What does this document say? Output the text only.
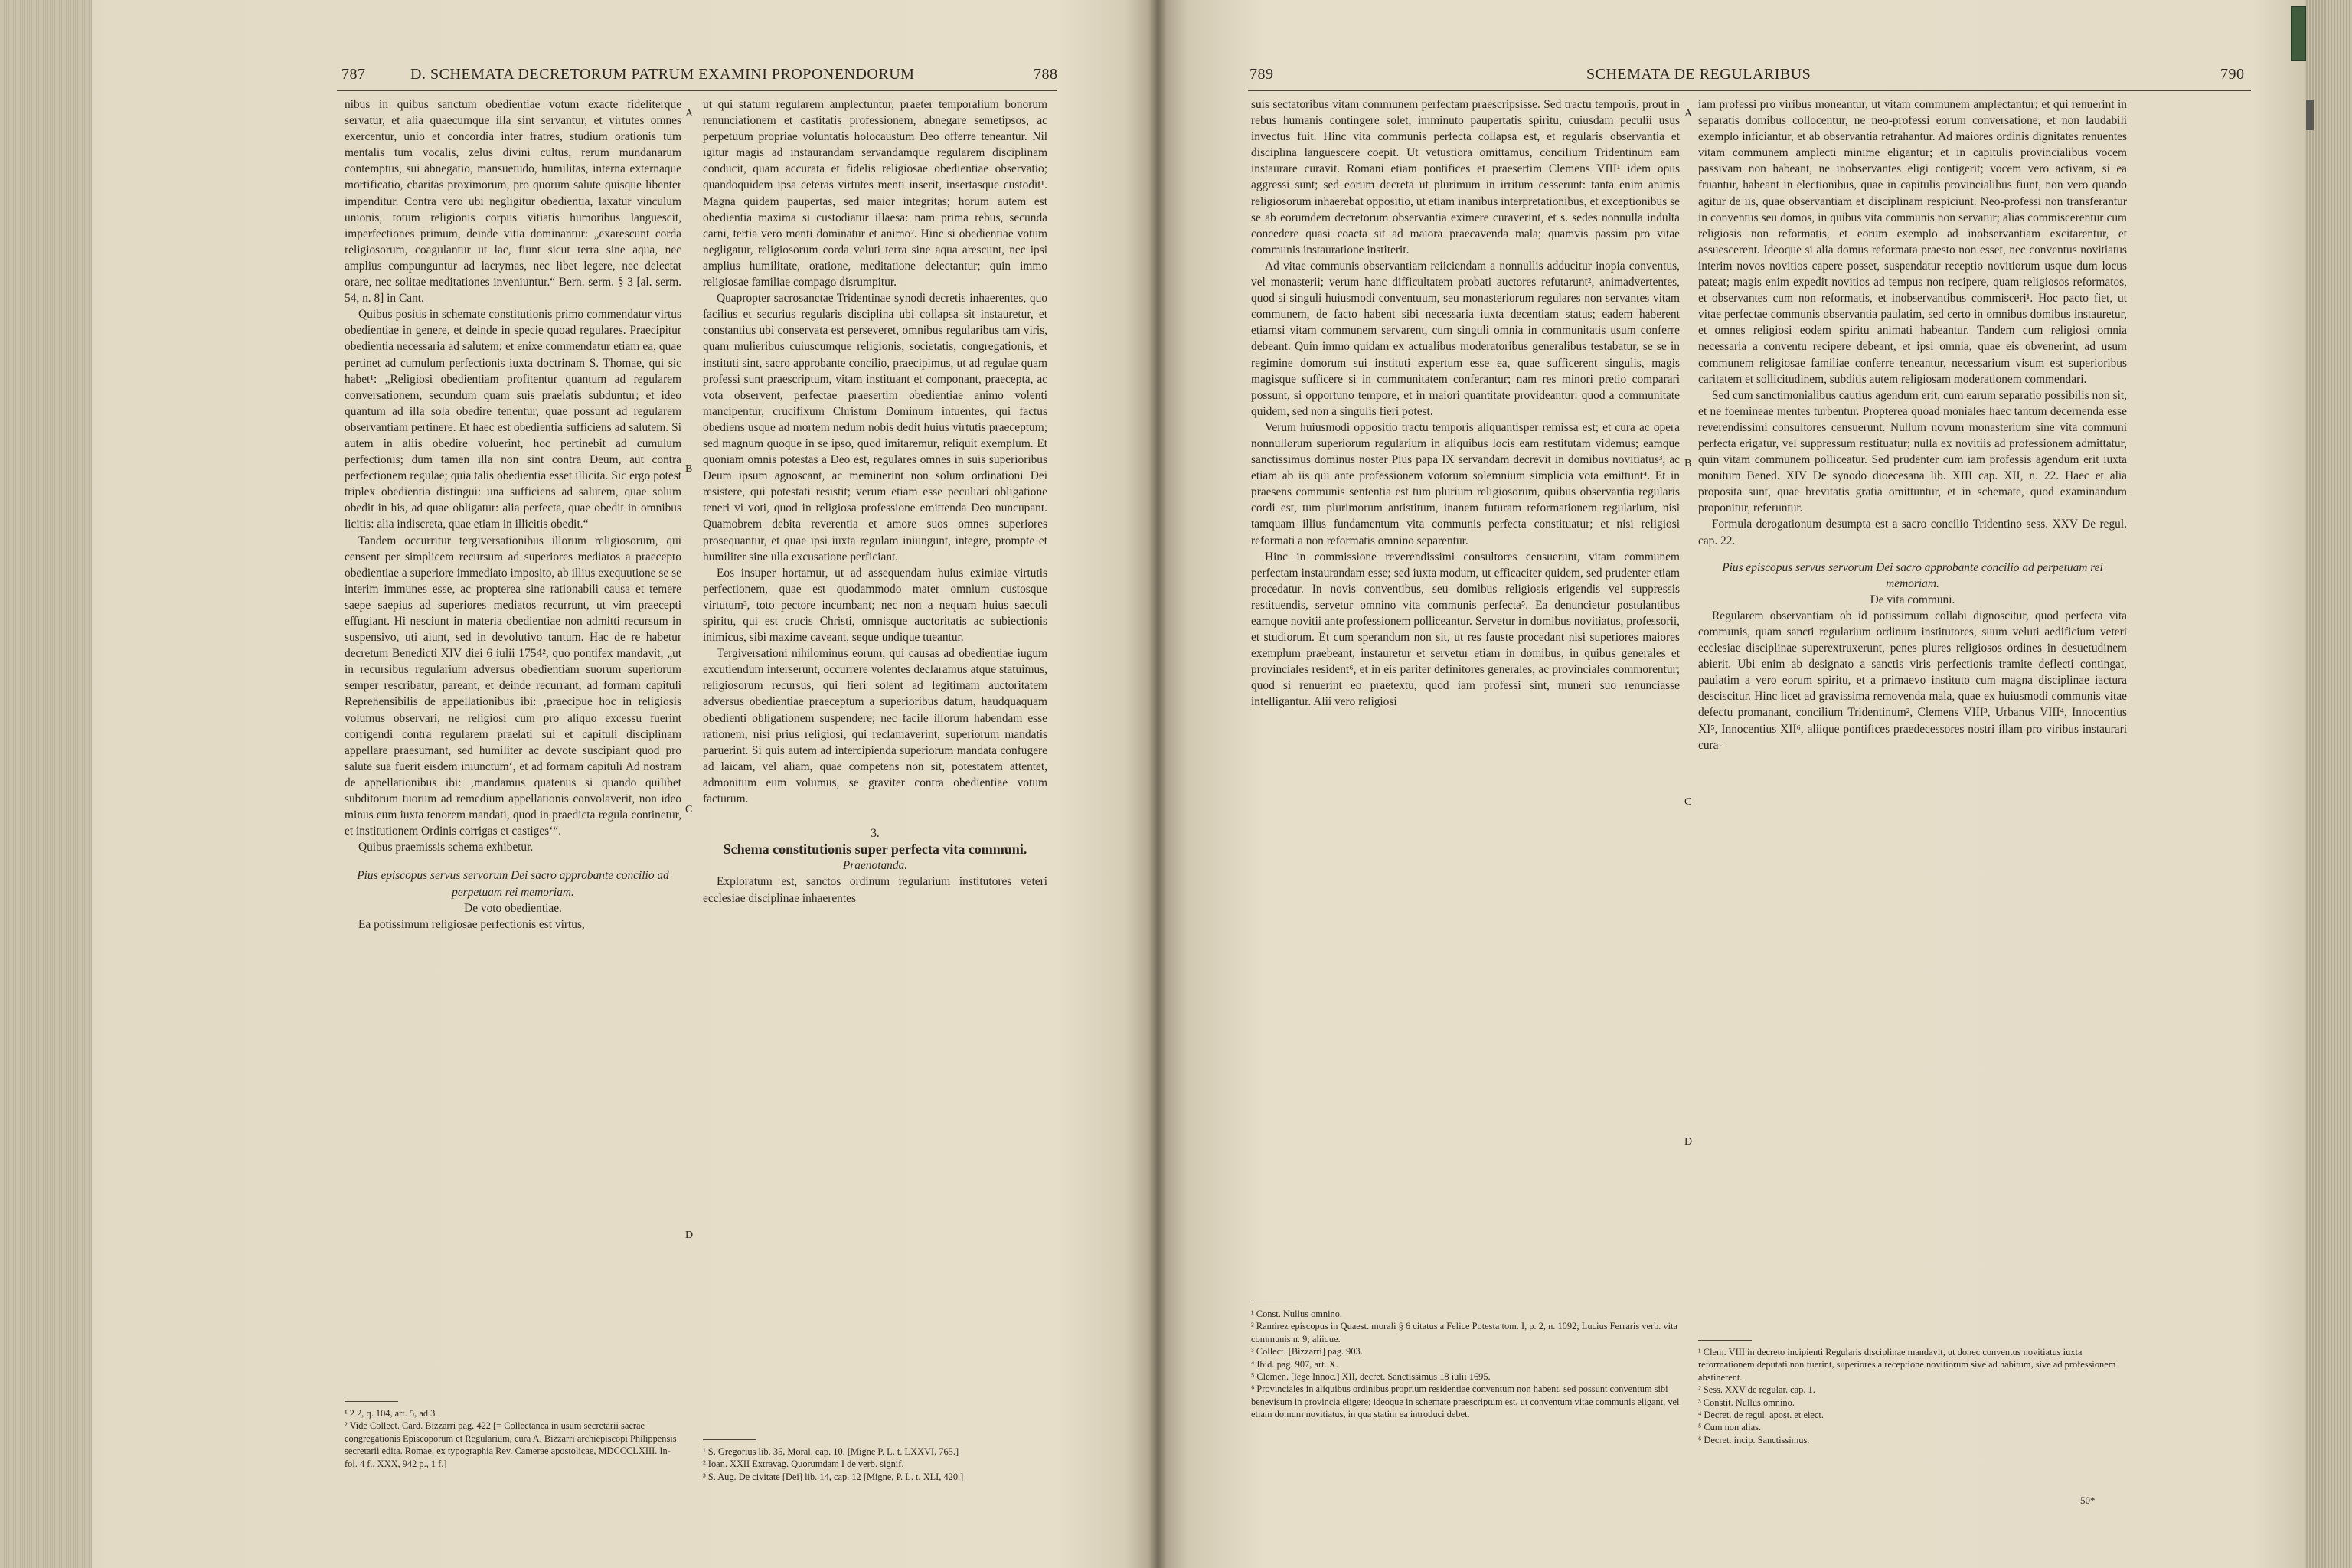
787	D. SCHEMATA DECRETORUM PATRUM EXAMINI PROPONENDORUM	788

nibus in quibus sanctum obedientiae votum exacte fideliterque servatur, et alia quaecumque illa sint servantur, et virtutes omnes exercentur, unio et concordia inter fratres, studium orationis tum mentalis tum vocalis, zelus divini cultus, rerum mundanarum contemptus, sui abnegatio, mansuetudo, humilitas, interna externaque mortificatio, charitas proximorum, pro quorum salute quisque libenter impenditur. Contra vero ubi negligitur obedientia, laxatur vinculum unionis, totum religionis corpus vitiatis humoribus languescit, imperfectiones primum, deinde vitia dominantur: „exarescunt corda religiosorum, coagulantur ut lac, fiunt sicut terra sine aqua, nec amplius compunguntur ad lacrymas, nec libet legere, nec delectat orare, nec solitae meditationes inveniuntur.“ Bern. serm. § 3 [al. serm. 54, n. 8] in Cant.

Quibus positis in schemate constitutionis primo commendatur virtus obedientiae in genere, et deinde in specie quoad regulares. Praecipitur obedientia necessaria ad salutem; et enixe commendatur etiam ea, quae pertinet ad cumulum perfectionis iuxta doctrinam S. Thomae, qui sic habet¹: „Religiosi obedientiam profitentur quantum ad regularem conversationem, secundum quam suis praelatis subduntur; et ideo quantum ad illa sola obedire tenentur, quae possunt ad regularem observantiam pertinere. Et haec est obedientia sufficiens ad salutem. Si autem in aliis obedire voluerint, hoc pertinebit ad cumulum perfectionis; dum tamen illa non sint contra Deum, aut contra perfectionem regulae; quia talis obedientia esset illicita. Sic ergo potest triplex obedientia distingui: una sufficiens ad salutem, quae solum obedit in his, ad quae obligatur: alia perfecta, quae obedit in omnibus licitis: alia indiscreta, quae etiam in illicitis obedit.“

Tandem occurritur tergiversationibus illorum religiosorum, qui censent per simplicem recursum ad superiores mediatos a praecepto obedientiae a superiore immediato imposito, ab illius exequutione se se interim immunes esse, ac propterea sine rationabili causa et temere saepe saepius ad superiores mediatos recurrunt, ut vim praecepti effugiant. Hi nesciunt in materia obedientiae non admitti recursum in suspensivo, uti aiunt, sed in devolutivo tantum. Hac de re habetur decretum Benedicti XIV diei 6 iulii 1754², quo pontifex mandavit, „ut in recursibus regularium adversus obedientiam suorum superiorum semper rescribatur, pareant, et deinde recurrant, ad formam capituli Reprehensibilis de appellationibus ibi: ‚praecipue hoc in religiosis volumus observari, ne religiosi cum pro aliquo excessu fuerint corrigendi contra regularem praelati sui et capituli disciplinam appellare praesumant, sed humiliter ac devote suscipiant quod pro salute sua fuerit eisdem iniunctum‘, et ad formam capituli Ad nostram de appellationibus ibi: ‚mandamus quatenus si quando quilibet subditorum tuorum ad remedium appellationis convolaverit, non ideo minus eum iuxta tenorem mandati, quod in praedicta regula continetur, et institutionem Ordinis corrigas et castiges‘“.

Quibus praemissis schema exhibetur.

Pius episcopus servus servorum Dei sacro approbante concilio ad perpetuam rei memoriam.

De voto obedientiae.

Ea potissimum religiosae perfectionis est virtus,

¹ 2 2, q. 104, art. 5, ad 3.

² Vide Collect. Card. Bizzarri pag. 422 [= Collectanea in usum secretarii sacrae congregationis Episcoporum et Regularium, cura A. Bizzarri archiepiscopi Philippensis secretarii edita. Romae, ex typographia Rev. Camerae apostolicae, MDCCCLXIII. In-fol. 4 f., XXX, 942 p., 1 f.]

A
B
C
D

ut qui statum regularem amplectuntur, praeter temporalium bonorum renunciationem et castitatis professionem, abnegare semetipsos, ac perpetuum propriae voluntatis holocaustum Deo offerre teneantur. Nil igitur magis ad instaurandam servandamque regularem disciplinam conducit, quam accurata et fidelis religiosae obedientiae observatio; quandoquidem ipsa ceteras virtutes menti inserit, insertasque custodit¹. Magna quidem paupertas, sed maior integritas; horum autem est obedientia maxima si custodiatur illaesa: nam prima rebus, secunda carni, tertia vero menti dominatur et animo². Hinc si obedientiae votum negligatur, religiosorum corda veluti terra sine aqua arescunt, nec ipsi amplius humilitate, oratione, meditatione delectantur; quin immo religiosae familiae compago disrumpitur.

Quapropter sacrosanctae Tridentinae synodi decretis inhaerentes, quo facilius et securius regularis disciplina ubi collapsa sit instauretur, et constantius ubi conservata est perseveret, omnibus regularibus tam viris, quam mulieribus cuiuscumque religionis, societatis, congregationis, et instituti sint, sacro approbante concilio, praecipimus, ut ad regulae quam professi sunt praescriptum, vitam instituant et componant, praecepta, ac vota observent, perfectae praesertim obedientiae animo volenti mancipentur, crucifixum Christum Dominum intuentes, qui factus obediens usque ad mortem nedum nobis dedit huius virtutis praeceptum; sed magnum quoque in se ipso, quod imitaremur, reliquit exemplum. Et quoniam omnis potestas a Deo est, regulares omnes in suis superioribus Deum ipsum agnoscant, ac meminerint non solum ordinationi Dei resistere, qui potestati resistit; verum etiam esse peculiari obligatione teneri vi voti, quod in religiosa professione emittenda Deo nuncupant. Quamobrem debita reverentia et amore suos omnes superiores prosequantur, et quae ipsi iuxta regulam iniungunt, integre, prompte et humiliter sine ulla excusatione perficiant.

Eos insuper hortamur, ut ad assequendam huius eximiae virtutis perfectionem, quae est quodammodo mater omnium custosque virtutum³, toto pectore incumbant; nec non a nequam huius saeculi spiritu, qui est crucis Christi, omnisque auctoritatis ac subiectionis inimicus, sibi maxime caveant, seque undique tueantur.

Tergiversationi nihilominus eorum, qui causas ad obedientiae iugum excutiendum interserunt, occurrere volentes declaramus atque statuimus, religiosorum recursus, qui fieri solent ad legitimam auctoritatem adversus obedientiae praeceptum a superioribus datum, haudquaquam obedienti obligationem suspendere; nec facile illorum habendam esse rationem, nisi prius religiosi, qui reclamaverint, superiorum mandatis paruerint. Si quis autem ad intercipienda superiorum mandata confugere ad laicam, vel aliam, quae competens non sit, potestatem attentet, admonitum eum volumus, se graviter contra obedientiae votum facturum.

3.

Schema constitutionis super perfecta vita communi.

Praenotanda.

Exploratum est, sanctos ordinum regularium institutores veteri ecclesiae disciplinae inhaerentes

¹ S. Gregorius lib. 35, Moral. cap. 10. [Migne P. L. t. LXXVI, 765.]

² Ioan. XXII Extravag. Quorumdam I de verb. signif.

³ S. Aug. De civitate [Dei] lib. 14, cap. 12 [Migne, P. L. t. XLI, 420.]

789	SCHEMATA DE REGULARIBUS	790

suis sectatoribus vitam communem perfectam praescripsisse. Sed tractu temporis, prout in rebus humanis contingere solet, imminuto paupertatis spiritu, cuiusdam peculii usus invectus fuit. Hinc vita communis perfecta collapsa est, et regularis observantia et disciplina languescere coepit. Ut vetustiora omittamus, concilium Tridentinum eam instaurare curavit. Romani etiam pontifices et praesertim Clemens VIII¹ idem opus aggressi sunt; sed eorum decreta ut plurimum in irritum cesserunt: tanta enim animis religiosorum inhaerebat oppositio, ut etiam inanibus interpretationibus, et exceptionibus se se ab eorumdem decretorum observantia eximere curaverint, et s. sedes nonnulla indulta concedere quasi coacta sit ad maiora praecavenda mala; quamvis passim pro vitae communis instauratione institerit.

Ad vitae communis observantiam reiiciendam a nonnullis adducitur inopia conventus, vel monasterii; verum hanc difficultatem probati auctores refutarunt², animadvertentes, quod si singuli huiusmodi conventuum, seu monasteriorum regulares non servantes vitam communem, de facto habent sibi necessaria iuxta decentiam status; eadem haberent etiamsi vitam communem servarent, cum singuli omnia in communitatis usum conferre debeant. Quin immo quidam ex actualibus moderatoribus generalibus testabatur, se se in regimine domorum sui instituti expertum esse ea, quae sufficerent singulis, magis magisque sufficere si in communitatem conferantur; nam res minori pretio comparari possunt, si opportuno tempore, et in maiori quantitate provideantur: quod a communitate quidem, sed non a singulis fieri potest.

Verum huiusmodi oppositio tractu temporis aliquantisper remissa est; et cura ac opera nonnullorum superiorum regularium in aliquibus locis eam restitutam videmus; eamque sanctissimus dominus noster Pius papa IX servandam decrevit in domibus novitiatus³, ac etiam ab iis qui ante professionem votorum solemnium simplicia vota emittunt⁴. Et in praesens communis sententia est tum plurium religiosorum, quibus observantia regularis cordi est, tum plurimorum antistitum, inanem futuram reformationem regularium, nisi tamquam illius fundamentum vita communis perfecta constituatur; et nisi religiosi reformati a non reformatis omnino separentur.

Hinc in commissione reverendissimi consultores censuerunt, vitam communem perfectam instaurandam esse; sed iuxta modum, ut efficaciter quidem, sed prudenter etiam procedatur. In novis conventibus, seu domibus religiosis erigendis vel suppressis restituendis, servetur omnino vita communis perfecta⁵. Ea denuncietur postulantibus eamque novitii ante professionem polliceantur. Servetur in domibus novitiatus, professorii, et studiorum. Et cum sperandum non sit, ut res fauste procedant nisi superiores maiores exemplum praebeant, instauretur et servetur etiam in domibus, in quibus generales et provinciales resident⁶, et in eis pariter definitores generales, ac provinciales commorentur; quod si renuerint eo praetextu, quod iam professi sint, muneri suo renunciasse intelligantur. Alii vero religiosi

¹ Const. Nullus omnino.

² Ramirez episcopus in Quaest. morali § 6 citatus a Felice Potesta tom. I, p. 2, n. 1092; Lucius Ferraris verb. vita communis n. 9; aliique.

³ Collect. [Bizzarri] pag. 903.

⁴ Ibid. pag. 907, art. X.

⁵ Clemen. [lege Innoc.] XII, decret. Sanctissimus 18 iulii 1695.

⁶ Provinciales in aliquibus ordinibus proprium residentiae conventum non habent, sed possunt conventum sibi benevisum in provincia eligere; ideoque in schemate praescriptum est, ut conventum vitae communis eligant, vel etiam domum novitiatus, in qua statim ea introduci debet.

A
B
C
D

iam professi pro viribus moneantur, ut vitam communem amplectantur; et qui renuerint in separatis domibus collocentur, ne neo-professi eorum conversatione, et non laudabili exemplo inficiantur, et ab observantia retrahantur. Ad maiores ordinis dignitates renuentes vitam communem amplecti minime eligantur; et in capitulis provincialibus vocem passivam non habeant, ne inobservantes eligi contigerit; vocem vero activam, si ea fruantur, habeant in electionibus, quae in capitulis provincialibus fiunt, non vero quando agitur de iis, quae observantiam et disciplinam respiciunt. Neo-professi non transferantur in conventus seu domos, in quibus vita communis non servatur; alias commiscerentur cum religiosis non reformatis, et eorum exemplo ad inobservantiam excitarentur, et assuescerent. Ideoque si alia domus reformata praesto non esset, nec conventus novitiatus interim novos novitios capere posset, suspendatur receptio novitiorum usque dum locus pateat; magis enim expedit novitios ad tempus non recipere, quam religiosos reformatos, et observantes cum non reformatis, et inobservantibus commisceri¹. Hoc pacto fiet, ut vitae perfectae communis observantia paulatim, sed certo in omnibus domibus instauretur, et omnes religiosi eodem spiritu animati habeantur. Tandem cum religiosi omnia necessaria a conventu recipere debeant, et ipsi omnia, quae eis obvenerint, ad usum communem religiosae familiae conferre teneantur, necessarium visum est superioribus caritatem et sollicitudinem, subditis autem religiosam moderationem commendari.

Sed cum sanctimonialibus cautius agendum erit, cum earum separatio possibilis non sit, et ne foemineae mentes turbentur. Propterea quoad moniales haec tantum decernenda esse reverendissimi consultores censuerunt. Nullum novum monasterium sine vita communi perfecta erigatur, vel suppressum restituatur; nulla ex novitiis ad professionem admittatur, quin vitam communem polliceatur. Sed prudenter cum iam professis agendum erit iuxta monitum Bened. XIV De synodo dioecesana lib. XIII cap. XII, n. 22. Haec et alia proposita sunt, quae brevitatis gratia omittuntur, et in schemate, quod examinandum proponitur, referuntur.

Formula derogationum desumpta est a sacro concilio Tridentino sess. XXV De regul. cap. 22.

Pius episcopus servus servorum Dei sacro approbante concilio ad perpetuam rei memoriam.

De vita communi.

Regularem observantiam ob id potissimum collabi dignoscitur, quod perfecta vita communis, quam sancti regularium ordinum institutores, suum veluti aedificium veteri ecclesiae disciplinae superextruxerunt, penes plures religiosos ordines in desuetudinem abierit. Ubi enim ab designato a sanctis viris perfectionis tramite deflecti contingat, paulatim a vero eorum spiritu, et a primaevo instituto cum magna disciplinae iactura desciscitur. Hinc licet ad gravissima removenda mala, quae ex huiusmodi communis vitae defectu promanant, concilium Tridentinum², Clemens VIII³, Urbanus VIII⁴, Innocentius XI⁵, Innocentius XII⁶, aliique pontifices praedecessores nostri illam pro viribus instaurari cura-

¹ Clem. VIII in decreto incipienti Regularis disciplinae mandavit, ut donec conventus novitiatus iuxta reformationem deputati non fuerint, superiores a receptione novitiorum sive ad habitum, sive ad professionem abstinerent.

² Sess. XXV de regular. cap. 1.

³ Constit. Nullus omnino.

⁴ Decret. de regul. apost. et eiect.

⁵ Cum non alias.

⁶ Decret. incip. Sanctissimus.

50*
